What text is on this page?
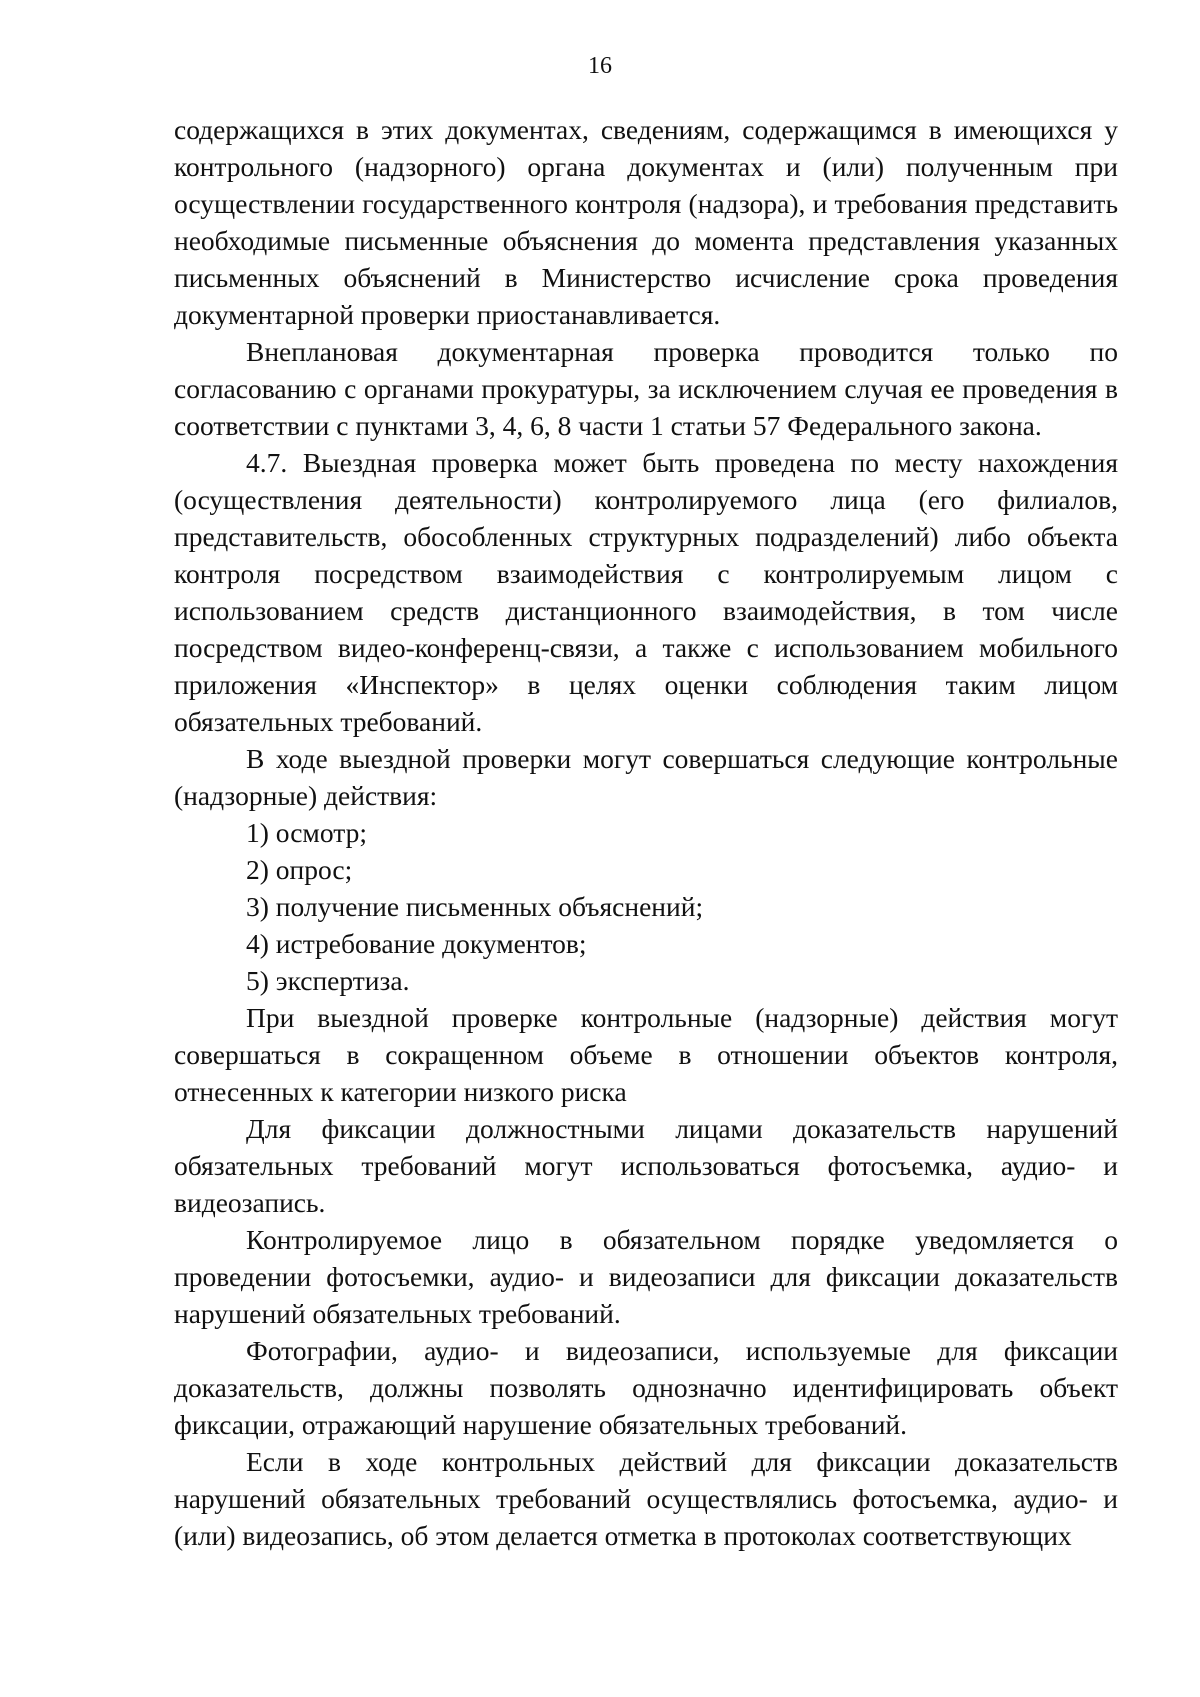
16

содержащихся в этих документах, сведениям, содержащимся в имеющихся у контрольного (надзорного) органа документах и (или) полученным при осуществлении государственного контроля (надзора), и требования представить необходимые письменные объяснения до момента представления указанных письменных объяснений в Министерство исчисление срока проведения документарной проверки приостанавливается.

Внеплановая документарная проверка проводится только по согласованию с органами прокуратуры, за исключением случая ее проведения в соответствии с пунктами 3, 4, 6, 8 части 1 статьи 57 Федерального закона.

4.7. Выездная проверка может быть проведена по месту нахождения (осуществления деятельности) контролируемого лица (его филиалов, представительств, обособленных структурных подразделений) либо объекта контроля посредством взаимодействия с контролируемым лицом с использованием средств дистанционного взаимодействия, в том числе посредством видео-конференц-связи, а также с использованием мобильного приложения «Инспектор» в целях оценки соблюдения таким лицом обязательных требований.

В ходе выездной проверки могут совершаться следующие контрольные (надзорные) действия:

1) осмотр;

2) опрос;

3) получение письменных объяснений;

4) истребование документов;

5) экспертиза.

При выездной проверке контрольные (надзорные) действия могут совершаться в сокращенном объеме в отношении объектов контроля, отнесенных к категории низкого риска

Для фиксации должностными лицами доказательств нарушений обязательных требований могут использоваться фотосъемка, аудио- и видеозапись.

Контролируемое лицо в обязательном порядке уведомляется о проведении фотосъемки, аудио- и видеозаписи для фиксации доказательств нарушений обязательных требований.

Фотографии, аудио- и видеозаписи, используемые для фиксации доказательств, должны позволять однозначно идентифицировать объект фиксации, отражающий нарушение обязательных требований.

Если в ходе контрольных действий для фиксации доказательств нарушений обязательных требований осуществлялись фотосъемка, аудио- и (или) видеозапись, об этом делается отметка в протоколах соответствующих
